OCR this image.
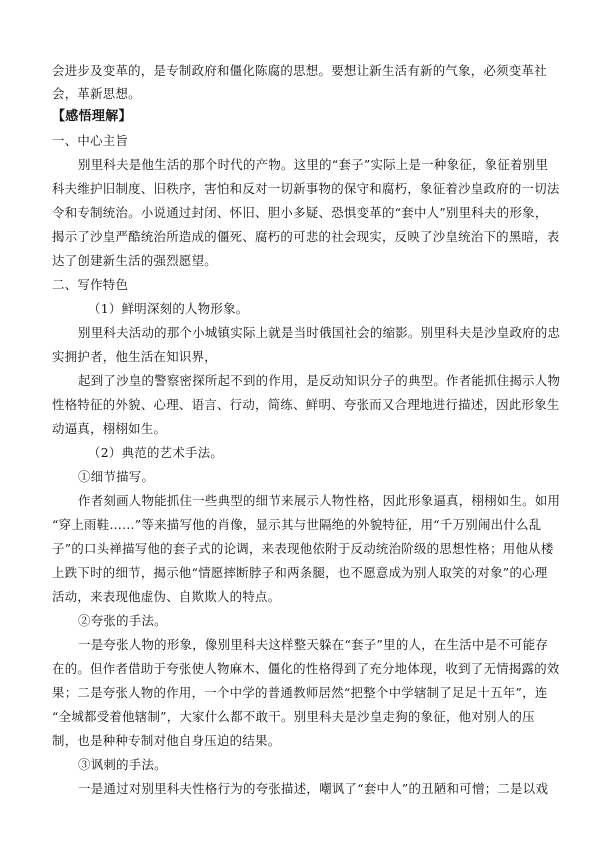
会进步及变革的，是专制政府和僵化陈腐的思想。要想让新生活有新的气象，必须变革社
会，革新思想。
【感悟理解】
一、中心主旨
别里科夫是他生活的那个时代的产物。这里的“套子”实际上是一种象征，象征着别里
科夫维护旧制度、旧秩序，害怕和反对一切新事物的保守和腐朽，象征着沙皇政府的一切法
令和专制统治。小说通过封闭、怀旧、胆小多疑、恐惧变革的“套中人”别里科夫的形象，
揭示了沙皇严酷统治所造成的僵死、腐朽的可悲的社会现实，反映了沙皇统治下的黑暗，表
达了创建新生活的强烈愿望。
二、写作特色
（1）鲜明深刻的人物形象。
别里科夫活动的那个小城镇实际上就是当时俄国社会的缩影。别里科夫是沙皇政府的忠
实拥护者，他生活在知识界，
起到了沙皇的警察密探所起不到的作用，是反动知识分子的典型。作者能抓住揭示人物
性格特征的外貌、心理、语言、行动，简练、鲜明、夸张而又合理地进行描述，因此形象生
动逼真，栩栩如生。
（2）典范的艺术手法。
①细节描写。
作者刻画人物能抓住一些典型的细节来展示人物性格，因此形象逼真，栩栩如生。如用
“穿上雨鞋……”等来描写他的肖像，显示其与世隔绝的外貌特征，用“千万别闹出什么乱
子”的口头禅描写他的套子式的论调，来表现他依附于反动统治阶级的思想性格；用他从楼
上跌下时的细节，揭示他“情愿摔断脖子和两条腿，也不愿意成为别人取笑的对象”的心理
活动，来表现他虚伪、自欺欺人的特点。
②夸张的手法。
一是夸张人物的形象，像别里科夫这样整天躲在“套子”里的人，在生活中是不可能存
在的。但作者借助于夸张使人物麻木、僵化的性格得到了充分地体现，收到了无情揭露的效
果；二是夸张人物的作用，一个中学的普通教师居然“把整个中学辖制了足足十五年”，连
“全城都受着他辖制”，大家什么都不敢干。别里科夫是沙皇走狗的象征，他对别人的压
制，也是种种专制对他自身压迫的结果。
③讽刺的手法。
一是通过对别里科夫性格行为的夸张描述，嘲讽了“套中人”的丑陋和可憎；二是以戏
